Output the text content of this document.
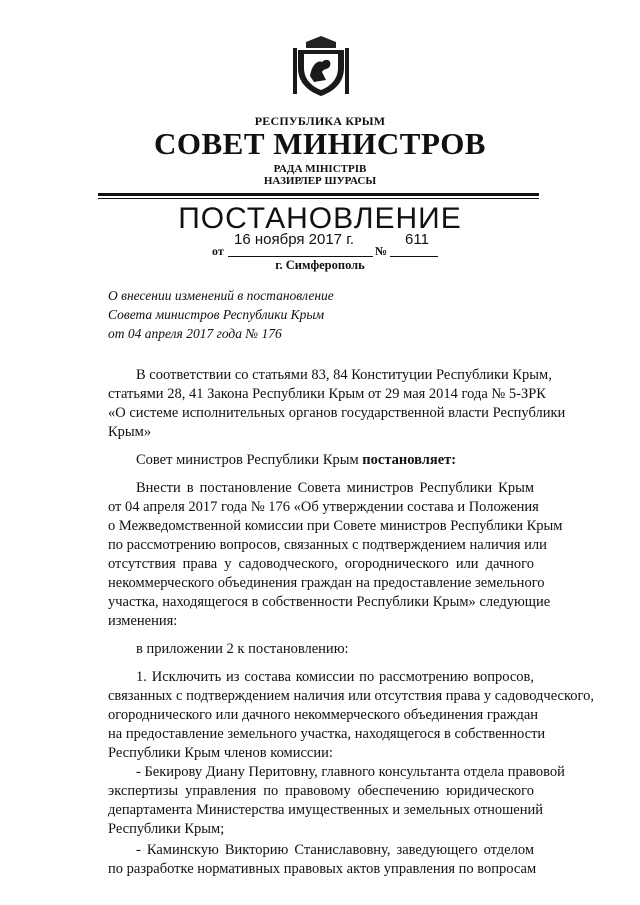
РЕСПУБЛИКА КРЫМ
СОВЕТ МИНИСТРОВ
РАДА МІНІСТРІВ
НАЗИРЛЕР ШУРАСЫ
ПОСТАНОВЛЕНИЕ
16 ноября 2017 г.	611
от	№
г. Симферополь
О внесении изменений в постановление
Совета министров Республики Крым
от 04 апреля 2017 года № 176
В соответствии со статьями 83, 84 Конституции Республики Крым,
статьями 28, 41 Закона Республики Крым от 29 мая 2014 года № 5-ЗРК
«О системе исполнительных органов государственной власти Республики
Крым»
Совет министров Республики Крым постановляет:
Внести в постановление Совета министров Республики Крым
от 04 апреля 2017 года № 176 «Об утверждении состава и Положения
о Межведомственной комиссии при Совете министров Республики Крым
по рассмотрению вопросов, связанных с подтверждением наличия или
отсутствия права у садоводческого, огороднического или дачного
некоммерческого объединения граждан на предоставление земельного
участка, находящегося в собственности Республики Крым» следующие
изменения:
в приложении 2 к постановлению:
1. Исключить из состава комиссии по рассмотрению вопросов,
связанных с подтверждением наличия или отсутствия права у садоводческого,
огороднического или дачного некоммерческого объединения граждан
на предоставление земельного участка, находящегося в собственности
Республики Крым членов комиссии:
- Бекирову Диану Перитовну, главного консультанта отдела правовой
экспертизы управления по правовому обеспечению юридического
департамента Министерства имущественных и земельных отношений
Республики Крым;
- Каминскую Викторию Станиславовну, заведующего отделом
по разработке нормативных правовых актов управления по вопросам
